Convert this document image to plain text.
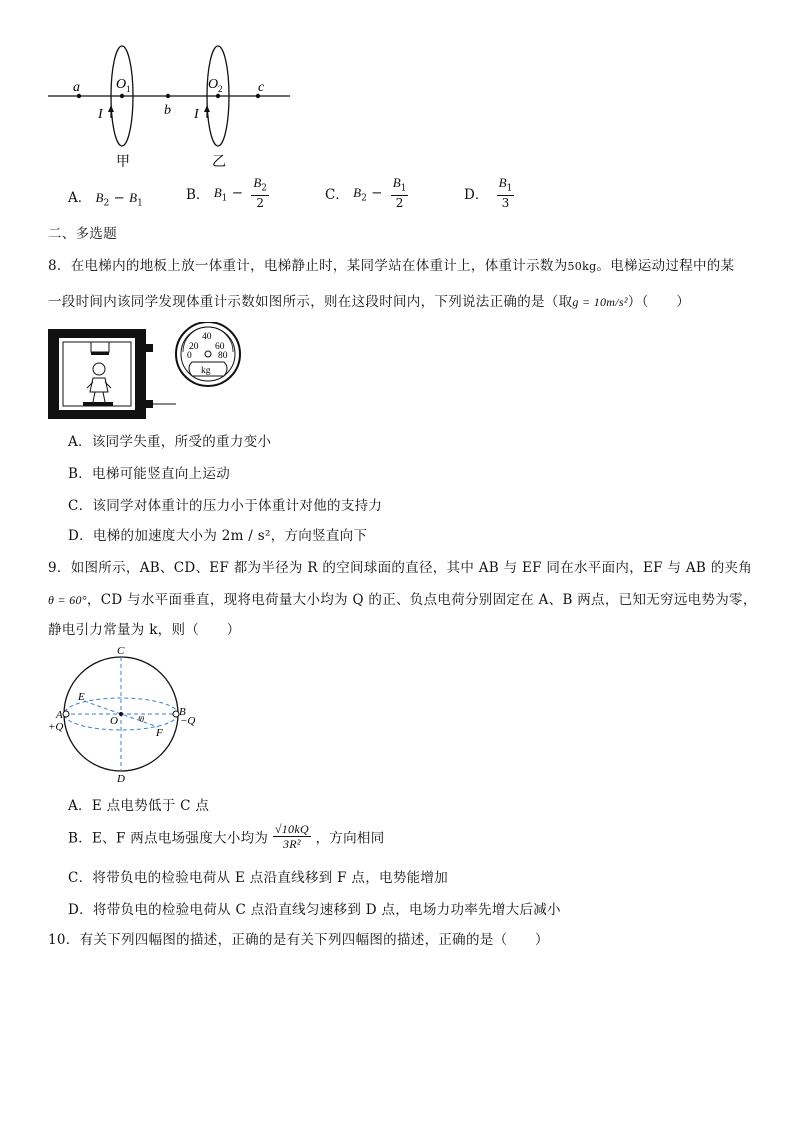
a	O 1
b
O 2	c
I	I
甲	乙
A． $B_2 - B_1$
B． $B_1 - \frac{B_2}{2}$	C． $B_2 - \frac{B_1}{2}$	D． $\frac{B_1}{3}$
二、多选题
8．在电梯内的地板上放一体重计，电梯静止时，某同学站在体重计上，体重计示数为50kg。电梯运动过程中的某
一段时间内该同学发现体重计示数如图所示，则在这段时间内，下列说法正确的是（取g = 10m/s²）（　　）
20
40
60
0	80
kg
A．该同学失重，所受的重力变小
B．电梯可能竖直向上运动
C．该同学对体重计的压力小于体重计对他的支持力
D．电梯的加速度大小为 2m / s²，方向竖直向下
9．如图所示，AB、CD、EF 都为半径为 R 的空间球面的直径，其中 AB 与 EF 同在水平面内，EF 与 AB 的夹角
θ = 60°，CD 与水平面垂直，现将电荷量大小均为 Q 的正、负点电荷分别固定在 A、B 两点，已知无穷远电势为零，
静电引力常量为 k，则（　　）
C
D
E
F
O
A	B
+Q	−Q
θ
A．E 点电势低于 C 点
B．E、F 两点电场强度大小均为 $\frac{√10kQ}{\text{3R²}}$ ，方向相同
C．将带负电的检验电荷从 E 点沿直线移到 F 点，电势能增加
D．将带负电的检验电荷从 C 点沿直线匀速移到 D 点，电场力功率先增大后减小
10．有关下列四幅图的描述，正确的是有关下列四幅图的描述，正确的是（　　）
